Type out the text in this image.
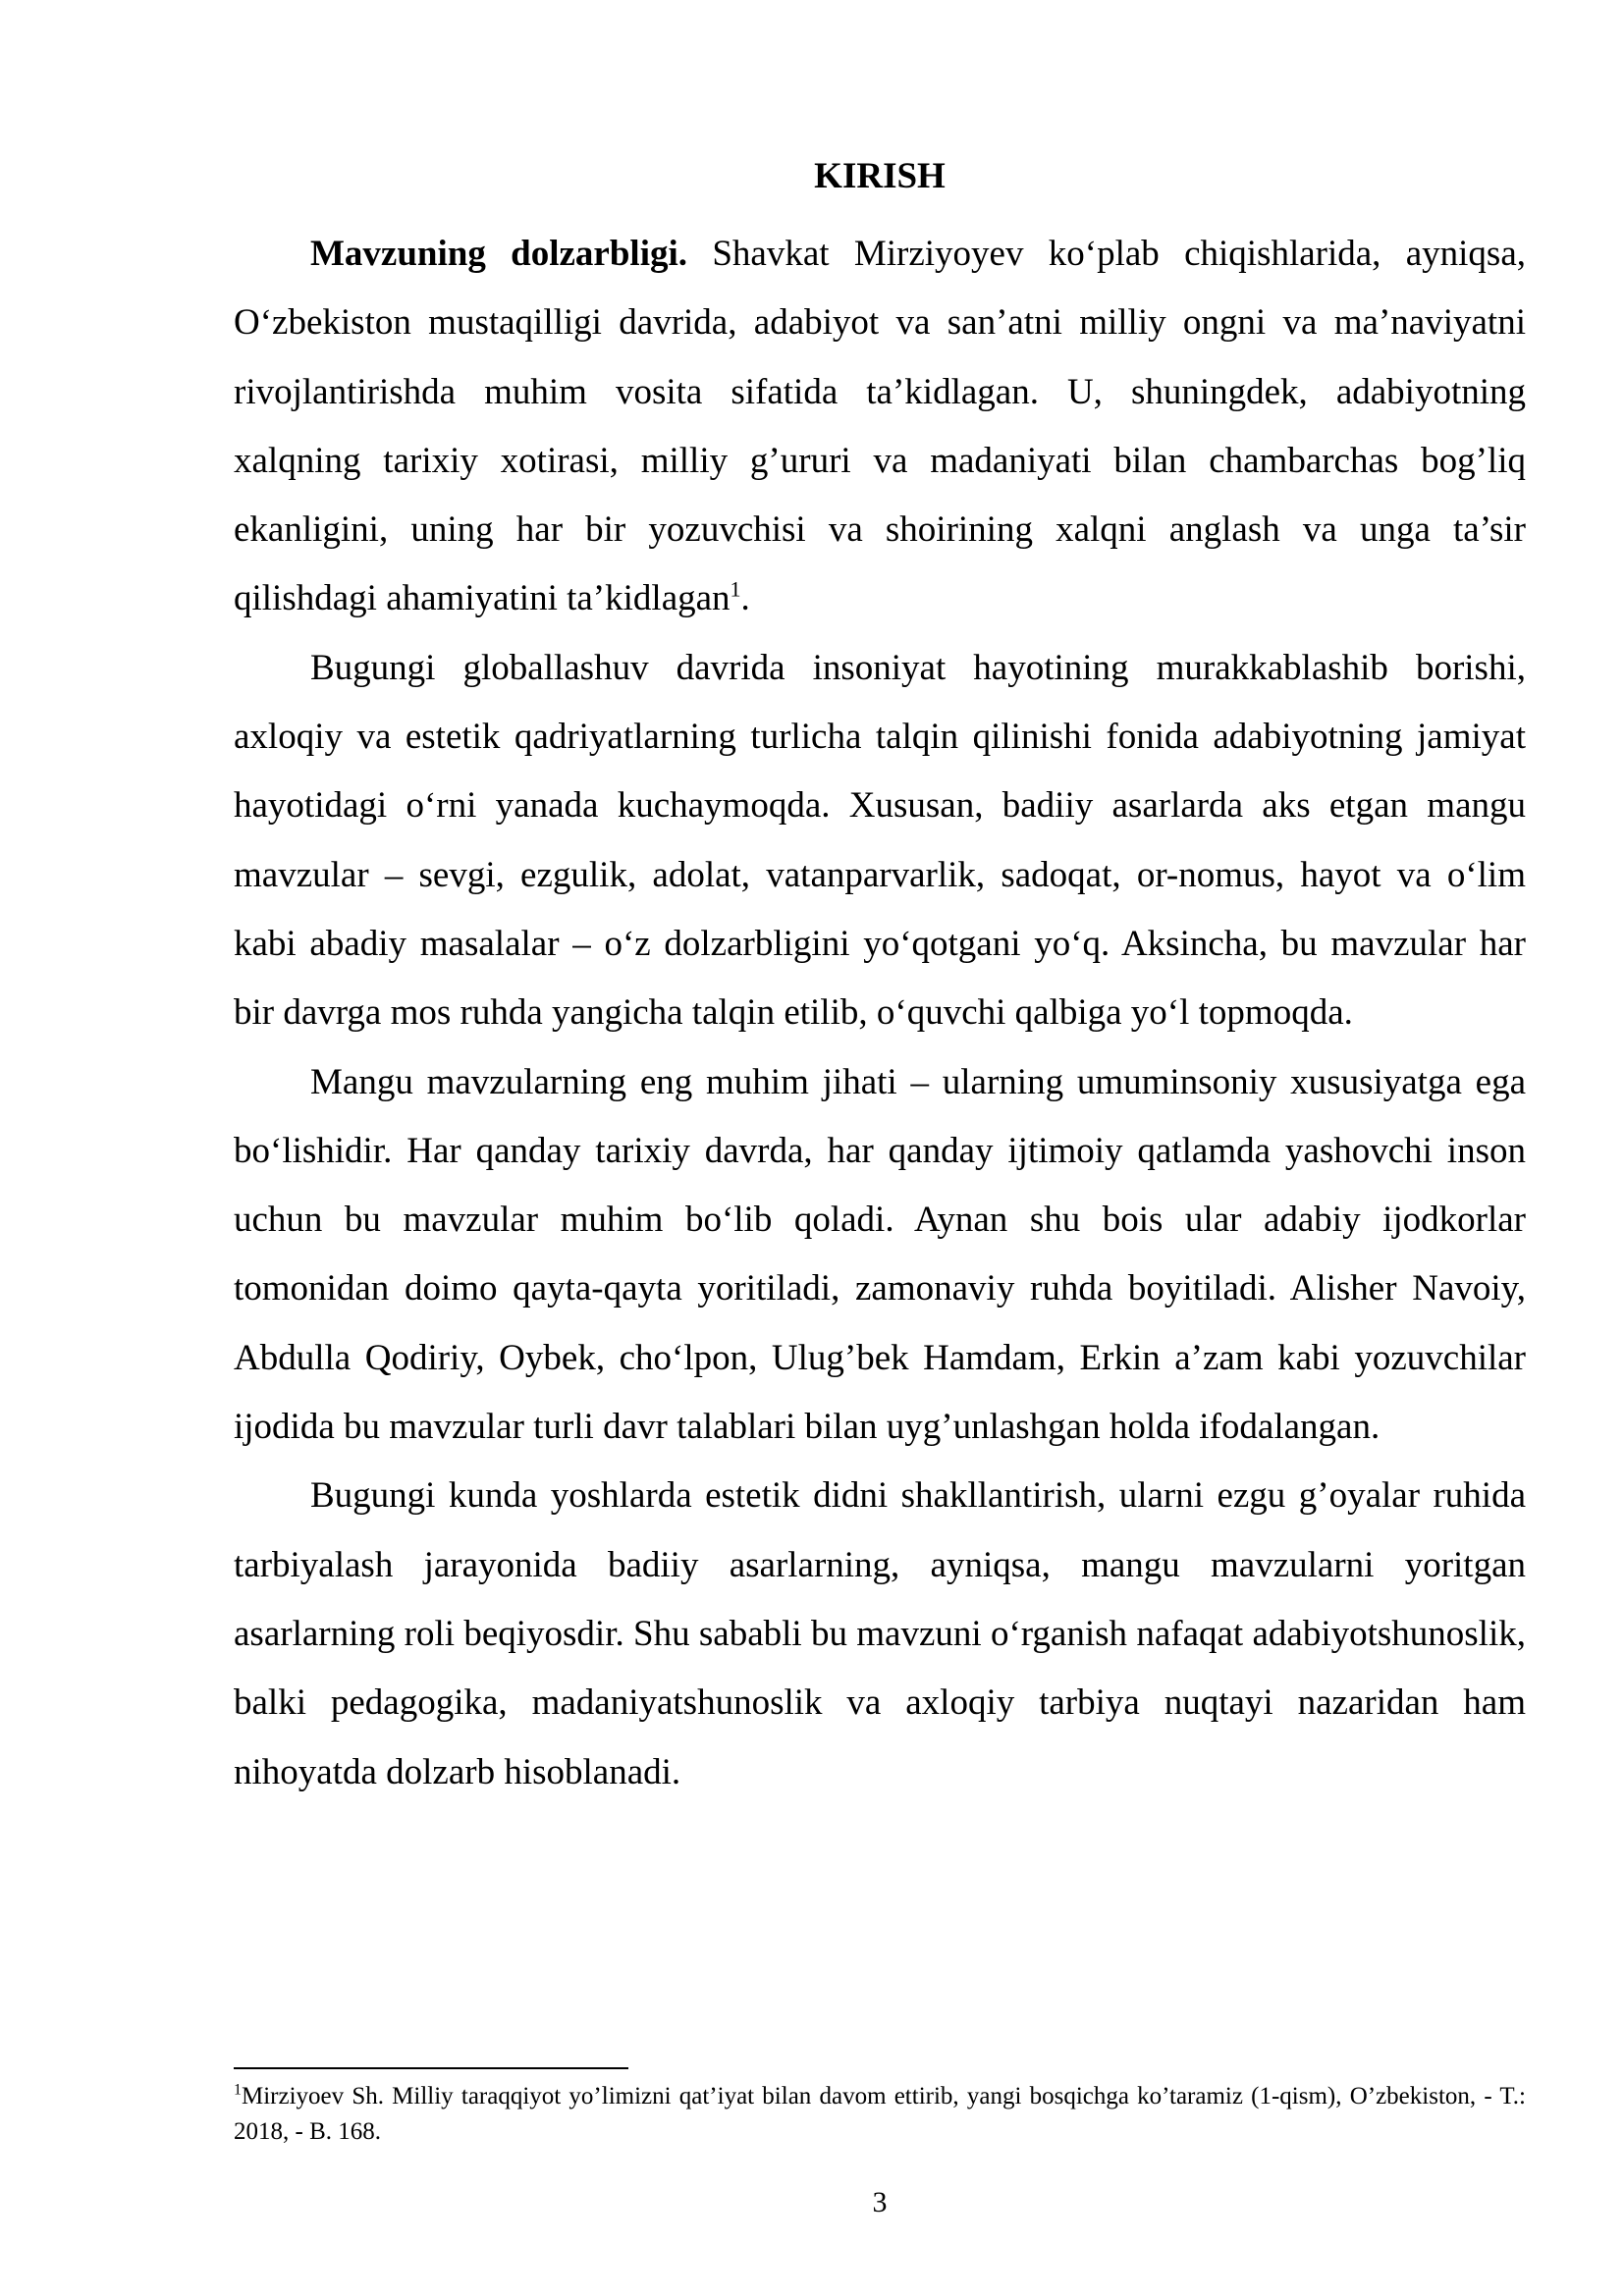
KIRISH

Mavzuning dolzarbligi. Shavkat Mirziyoyev koʻplab chiqishlarida, ayniqsa, Oʻzbekiston mustaqilligi davrida, adabiyot va san’atni milliy ongni va ma’naviyatni rivojlantirishda muhim vosita sifatida ta’kidlagan. U, shuningdek, adabiyotning xalqning tarixiy xotirasi, milliy g’ururi va madaniyati bilan chambarchas bog’liq ekanligini, uning har bir yozuvchisi va shoirining xalqni anglash va unga ta’sir qilishdagi ahamiyatini ta’kidlagan$^1$.

Bugungi globallashuv davrida insoniyat hayotining murakkablashib borishi, axloqiy va estetik qadriyatlarning turlicha talqin qilinishi fonida adabiyotning jamiyat hayotidagi oʻrni yanada kuchaymoqda. Xususan, badiiy asarlarda aks etgan mangu mavzular – sevgi, ezgulik, adolat, vatanparvarlik, sadoqat, or-nomus, hayot va oʻlim kabi abadiy masalalar – oʻz dolzarbligini yoʻqotgani yoʻq. Aksincha, bu mavzular har bir davrga mos ruhda yangicha talqin etilib, oʻquvchi qalbiga yoʻl topmoqda.

Mangu mavzularning eng muhim jihati – ularning umuminsoniy xususiyatga ega boʻlishidir. Har qanday tarixiy davrda, har qanday ijtimoiy qatlamda yashovchi inson uchun bu mavzular muhim boʻlib qoladi. Aynan shu bois ular adabiy ijodkorlar tomonidan doimo qayta-qayta yoritiladi, zamonaviy ruhda boyitiladi. Alisher Navoiy, Abdulla Qodiriy, Oybek, choʻlpon, Ulug’bek Hamdam, Erkin a’zam kabi yozuvchilar ijodida bu mavzular turli davr talablari bilan uyg’unlashgan holda ifodalangan.

Bugungi kunda yoshlarda estetik didni shakllantirish, ularni ezgu g’oyalar ruhida tarbiyalash jarayonida badiiy asarlarning, ayniqsa, mangu mavzularni yoritgan asarlarning roli beqiyosdir. Shu sababli bu mavzuni oʻrganish nafaqat adabiyotshunoslik, balki pedagogika, madaniyatshunoslik va axloqiy tarbiya nuqtayi nazaridan ham nihoyatda dolzarb hisoblanadi.

$^1$Mirziyoev Sh. Milliy taraqqiyot yo’limizni qat’iyat bilan davom ettirib, yangi bosqichga ko’taramiz (1-qism), O’zbekiston, - T.: 2018, - B. 168.

3
